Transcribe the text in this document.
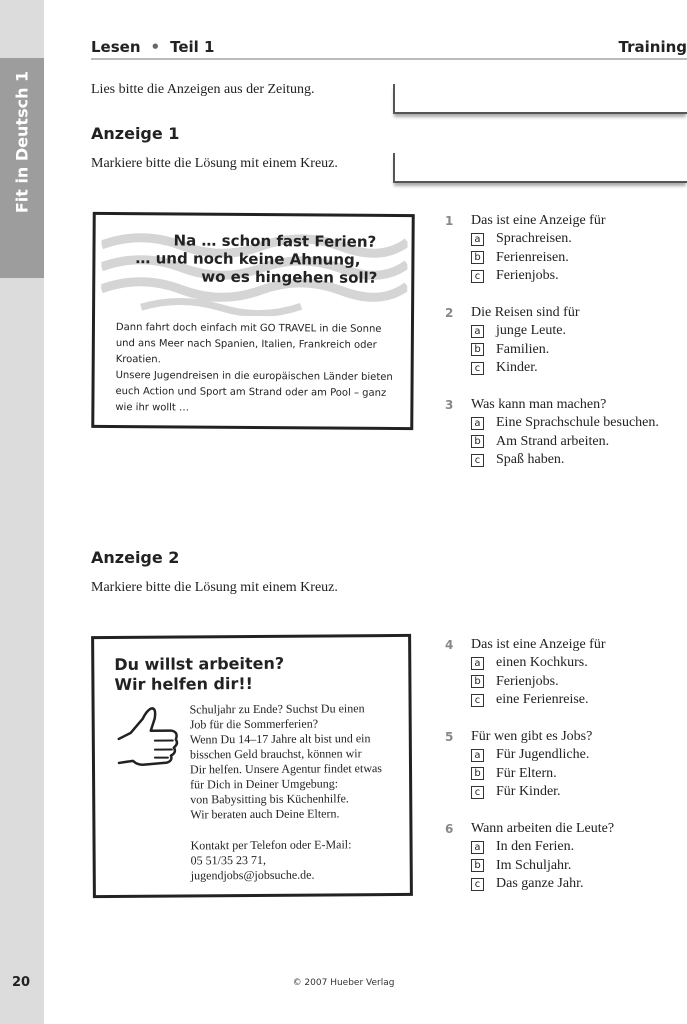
Fit in Deutsch 1
20
Lesen • Teil 1	Training
Lies bitte die Anzeigen aus der Zeitung.
Anzeige 1
Markiere bitte die Lösung mit einem Kreuz.
Na … schon fast Ferien?
… und noch keine Ahnung,
wo es hingehen soll?
Dann fahrt doch einfach mit GO TRAVEL in die Sonne
und ans Meer nach Spanien, Italien, Frankreich oder
Kroatien.
Unsere Jugendreisen in die europäischen Länder bieten
euch Action und Sport am Strand oder am Pool – ganz
wie ihr wollt …
1	Das ist eine Anzeige für
a Sprachreisen.
b Ferienreisen.
c Ferienjobs.
2	Die Reisen sind für
a junge Leute.
b Familien.
c Kinder.
3	Was kann man machen?
a Eine Sprachschule besuchen.
b Am Strand arbeiten.
c Spaß haben.
Anzeige 2
Markiere bitte die Lösung mit einem Kreuz.
Du willst arbeiten?
Wir helfen dir!!
Schuljahr zu Ende? Suchst Du einen
Job für die Sommerferien?
Wenn Du 14–17 Jahre alt bist und ein
bisschen Geld brauchst, können wir
Dir helfen. Unsere Agentur findet etwas
für Dich in Deiner Umgebung:
von Babysitting bis Küchenhilfe.
Wir beraten auch Deine Eltern.
Kontakt per Telefon oder E-Mail:
05 51/35 23 71,
jugendjobs@jobsuche.de.
4	Das ist eine Anzeige für
a einen Kochkurs.
b Ferienjobs.
c eine Ferienreise.
5	Für wen gibt es Jobs?
a Für Jugendliche.
b Für Eltern.
c Für Kinder.
6	Wann arbeiten die Leute?
a In den Ferien.
b Im Schuljahr.
c Das ganze Jahr.
© 2007 Hueber Verlag
